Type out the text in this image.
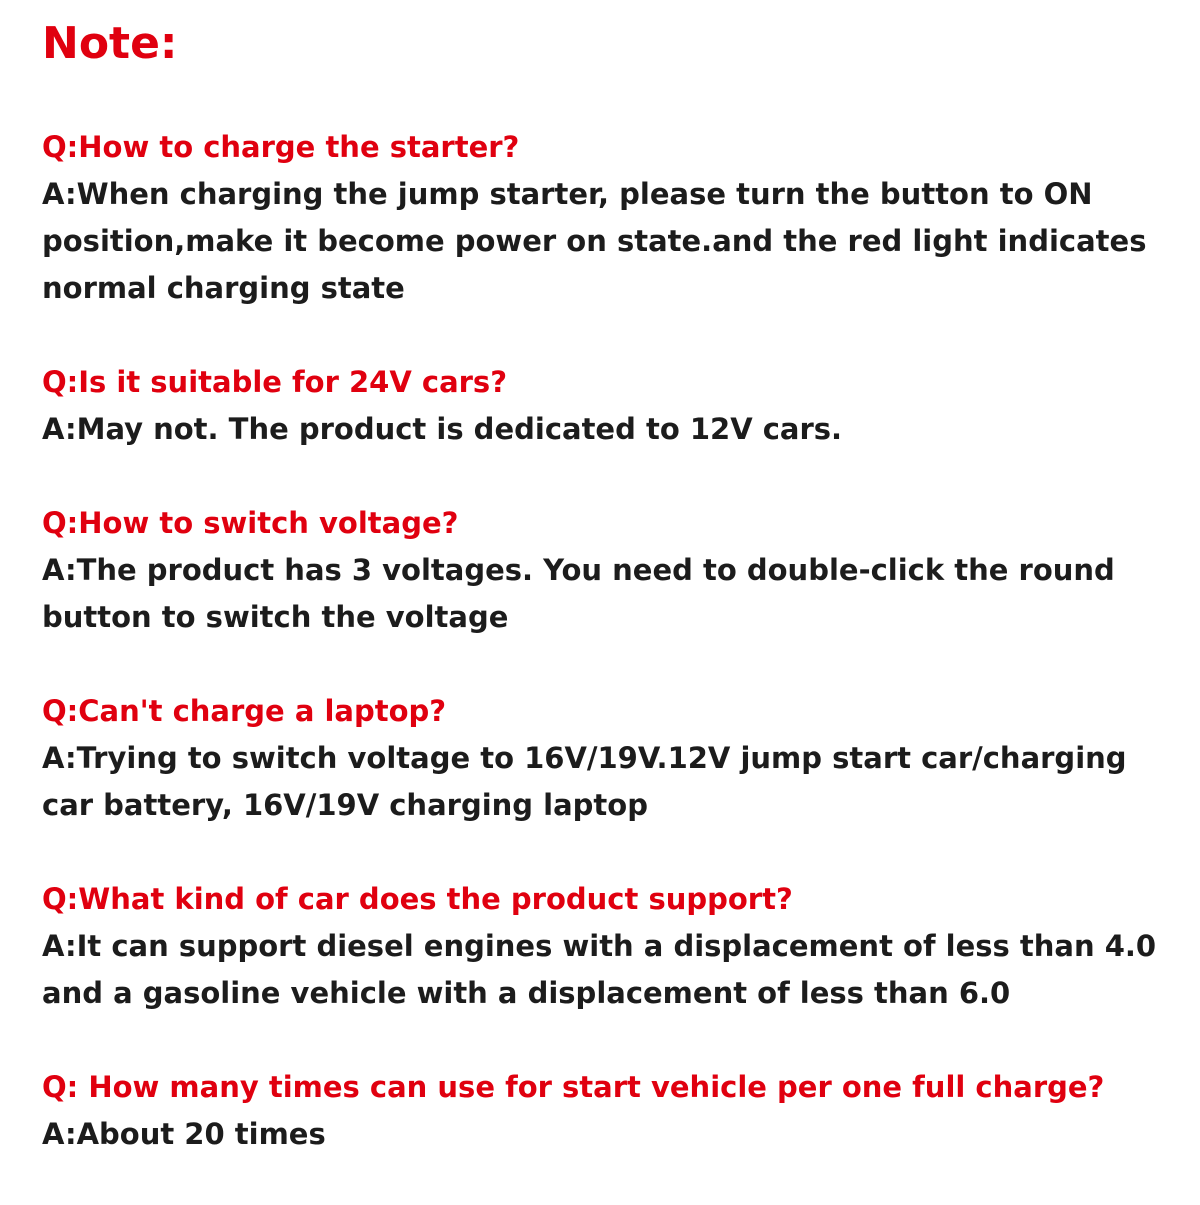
Note:

Q:How to charge the starter?

A:When charging the jump starter, please turn the button to ON

position,make it become power on state.and the red light indicates

normal charging state

Q:Is it suitable for 24V cars?

A:May not. The product is dedicated to 12V cars.

Q:How to switch voltage?

A:The product has 3 voltages. You need to double-click the round

button to switch the voltage

Q:Can't charge a laptop?

A:Trying to switch voltage to 16V/19V.12V jump start car/charging

car battery, 16V/19V charging laptop

Q:What kind of car does the product support?

A:It can support diesel engines with a displacement of less than 4.0

and a gasoline vehicle with a displacement of less than 6.0

Q: How many times can use for start vehicle per one full charge?

A:About 20 times
